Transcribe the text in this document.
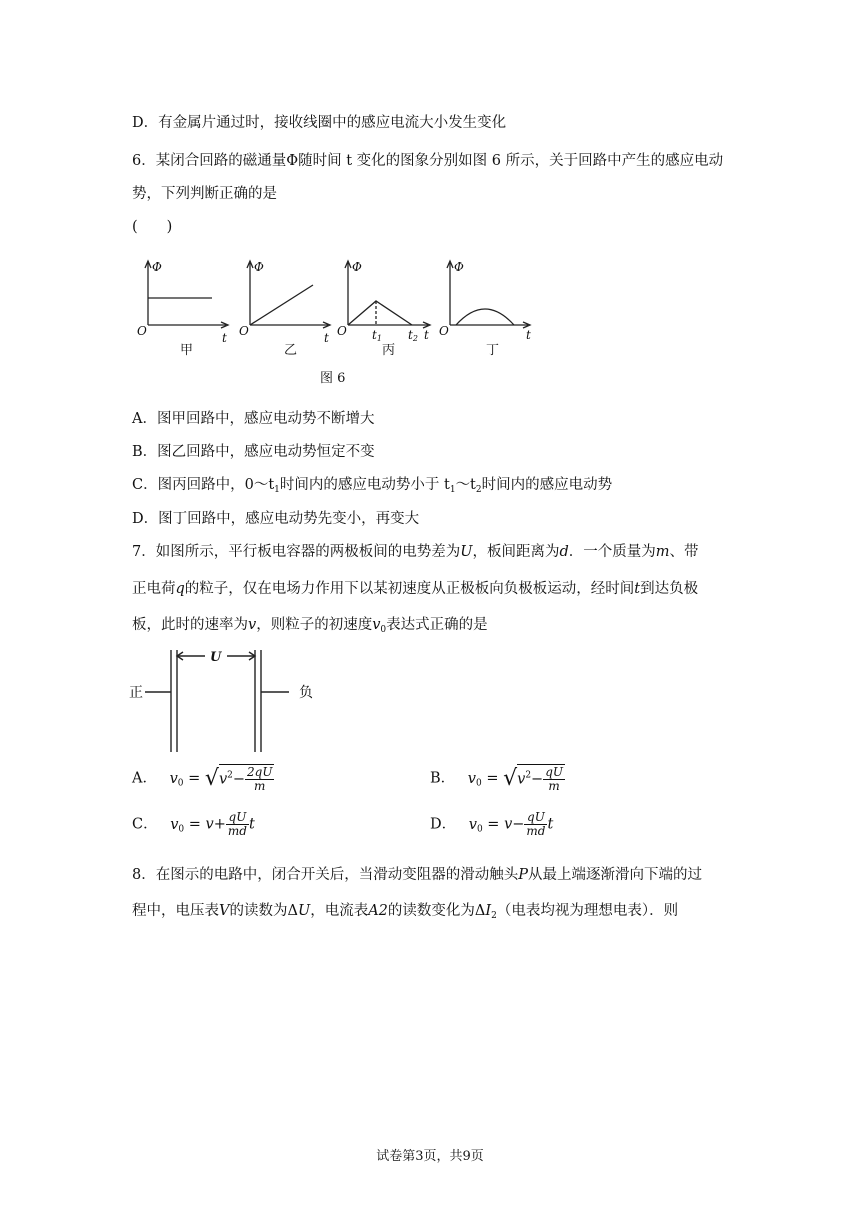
D．有金属片通过时，接收线圈中的感应电流大小发生变化
6．某闭合回路的磁通量Φ随时间 t 变化的图象分别如图 6 所示，关于回路中产生的感应电动
势，下列判断正确的是
(　　)
Φ	Φ	Φ	Φ
O	O	O	O
t	t	t	t
t1 t2
甲	乙	丙	丁
图 6
A．图甲回路中，感应电动势不断增大
B．图乙回路中，感应电动势恒定不变
C．图丙回路中，$0\sim t_1$时间内的感应电动势小于 $t_1\sim t_2$时间内的感应电动势
D．图丁回路中，感应电动势先变小，再变大
7．如图所示，平行板电容器的两极板间的电势差为U，板间距离为d．一个质量为m、带
正电荷q的粒子，仅在电场力作用下以某初速度从正极板向负极板运动，经时间t到达负极
板，此时的速率为v，则粒子的初速度$v_0$表达式正确的是
U
正	负
A． $v_0 = √v^2- \frac{2qU}{m}$	B． $v_0 = √v^2- \frac{qU}{m}$
C． $v_0 = v+ \frac{qU}{md}$ t	D． $v_0 = v- \frac{qU}{md}$ t
8．在图示的电路中，闭合开关后，当滑动变阻器的滑动触头P从最上端逐渐滑向下端的过
程中，电压表V的读数为ΔU，电流表A2的读数变化为$\Delta I_2$（电表均视为理想电表）．则
试卷第3页，共9页
